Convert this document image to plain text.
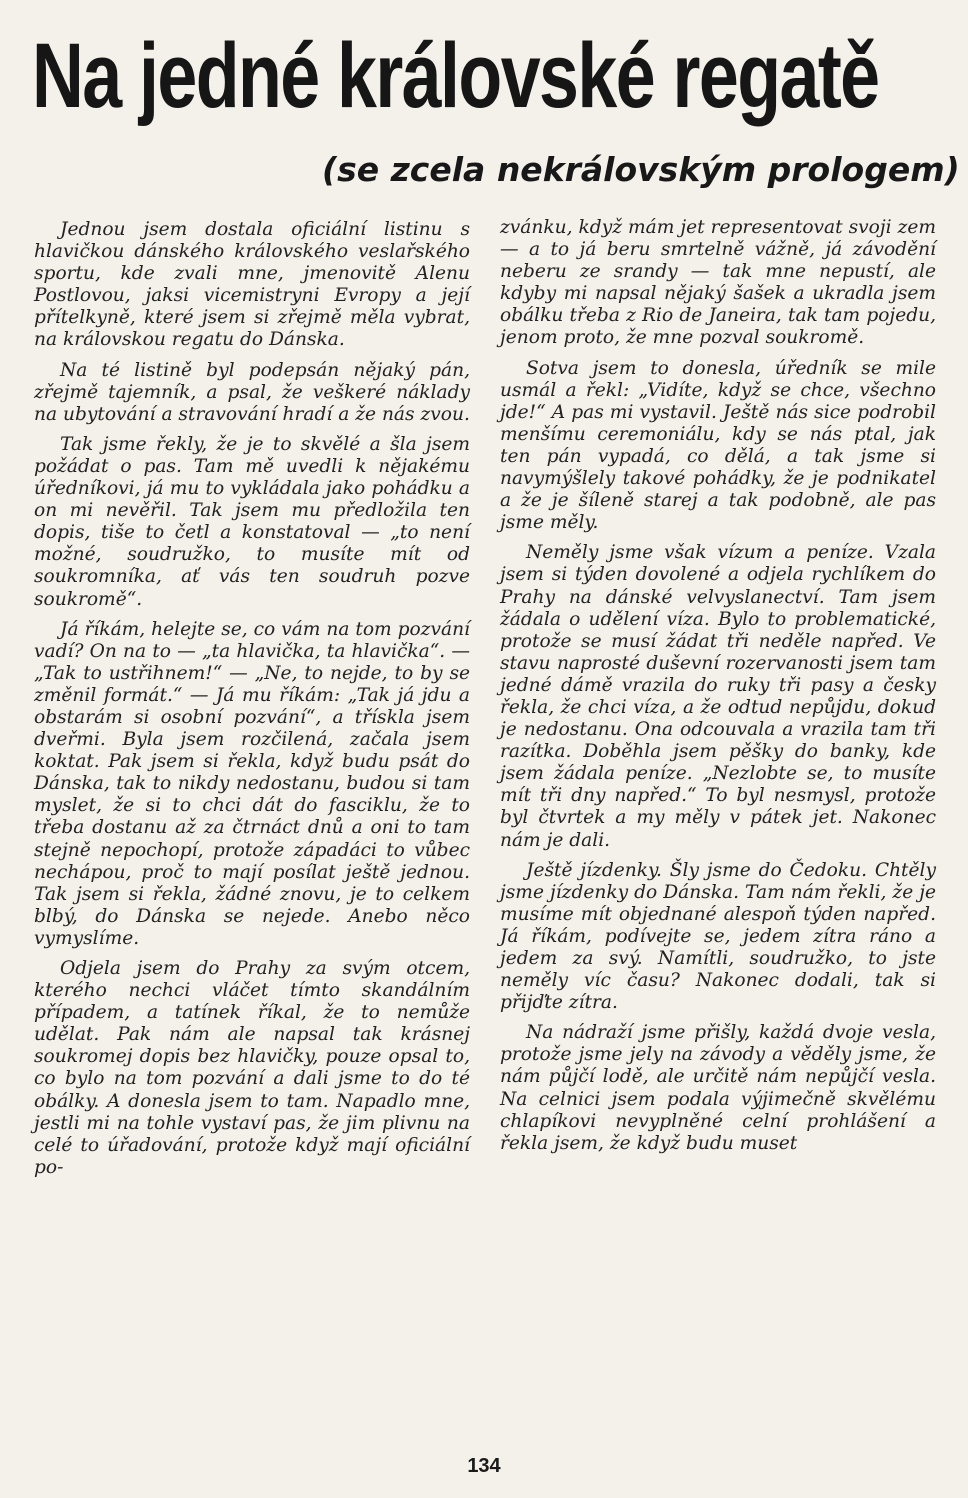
Na jedné královské regatě
(se zcela nekrálovským prologem)

Jednou jsem dostala oficiální listinu s hlavičkou dánského královského veslařského sportu, kde zvali mne, jmenovitě Alenu Postlovou, jaksi vicemistryni Evropy a její přítelkyně, které jsem si zřejmě měla vybrat, na královskou regatu do Dánska.

Na té listině byl podepsán nějaký pán, zřejmě tajemník, a psal, že veškeré náklady na ubytování a stravování hradí a že nás zvou.

Tak jsme řekly, že je to skvělé a šla jsem požádat o pas. Tam mě uvedli k nějakému úředníkovi, já mu to vykládala jako pohádku a on mi nevěřil. Tak jsem mu předložila ten dopis, tiše to četl a konstatoval — „to není možné, soudružko, to musíte mít od soukromníka, ať vás ten soudruh pozve soukromě“.

Já říkám, helejte se, co vám na tom pozvání vadí? On na to — „ta hlavička, ta hlavička“. — „Tak to ustřihnem!“ — „Ne, to nejde, to by se změnil formát.“ — Já mu říkám: „Tak já jdu a obstarám si osobní pozvání“, a třískla jsem dveřmi. Byla jsem rozčilená, začala jsem koktat. Pak jsem si řekla, když budu psát do Dánska, tak to nikdy nedostanu, budou si tam myslet, že si to chci dát do fasciklu, že to třeba dostanu až za čtrnáct dnů a oni to tam stejně nepochopí, protože západáci to vůbec nechápou, proč to mají posílat ještě jednou. Tak jsem si řekla, žádné znovu, je to celkem blbý, do Dánska se nejede. Anebo něco vymyslíme.

Odjela jsem do Prahy za svým otcem, kterého nechci vláčet tímto skandálním případem, a tatínek říkal, že to nemůže udělat. Pak nám ale napsal tak krásnej soukromej dopis bez hlavičky, pouze opsal to, co bylo na tom pozvání a dali jsme to do té obálky. A donesla jsem to tam. Napadlo mne, jestli mi na tohle vystaví pas, že jim plivnu na celé to úřadování, protože když mají oficiální po-

zvánku, když mám jet representovat svoji zem — a to já beru smrtelně vážně, já závodění neberu ze srandy — tak mne nepustí, ale kdyby mi napsal nějaký šašek a ukradla jsem obálku třeba z Rio de Janeira, tak tam pojedu, jenom proto, že mne pozval soukromě.

Sotva jsem to donesla, úředník se mile usmál a řekl: „Vidíte, když se chce, všechno jde!“ A pas mi vystavil. Ještě nás sice podrobil menšímu ceremoniálu, kdy se nás ptal, jak ten pán vypadá, co dělá, a tak jsme si navymýšlely takové pohádky, že je podnikatel a že je šíleně starej a tak podobně, ale pas jsme měly.

Neměly jsme však vízum a peníze. Vzala jsem si týden dovolené a odjela rychlíkem do Prahy na dánské velvyslanectví. Tam jsem žádala o udělení víza. Bylo to problematické, protože se musí žádat tři neděle napřed. Ve stavu naprosté duševní rozervanosti jsem tam jedné dámě vrazila do ruky tři pasy a česky řekla, že chci víza, a že odtud nepůjdu, dokud je nedostanu. Ona odcouvala a vrazila tam tři razítka. Doběhla jsem pěšky do banky, kde jsem žádala peníze. „Nezlobte se, to musíte mít tři dny napřed.“ To byl nesmysl, protože byl čtvrtek a my měly v pátek jet. Nakonec nám je dali.

Ještě jízdenky. Šly jsme do Čedoku. Chtěly jsme jízdenky do Dánska. Tam nám řekli, že je musíme mít objednané alespoň týden napřed. Já říkám, podívejte se, jedem zítra ráno a jedem za svý. Namítli, soudružko, to jste neměly víc času? Nakonec dodali, tak si přijďte zítra.

Na nádraží jsme přišly, každá dvoje vesla, protože jsme jely na závody a věděly jsme, že nám půjčí lodě, ale určitě nám nepůjčí vesla. Na celnici jsem podala výjimečně skvělému chlapíkovi nevyplněné celní prohlášení a řekla jsem, že když budu muset

134
